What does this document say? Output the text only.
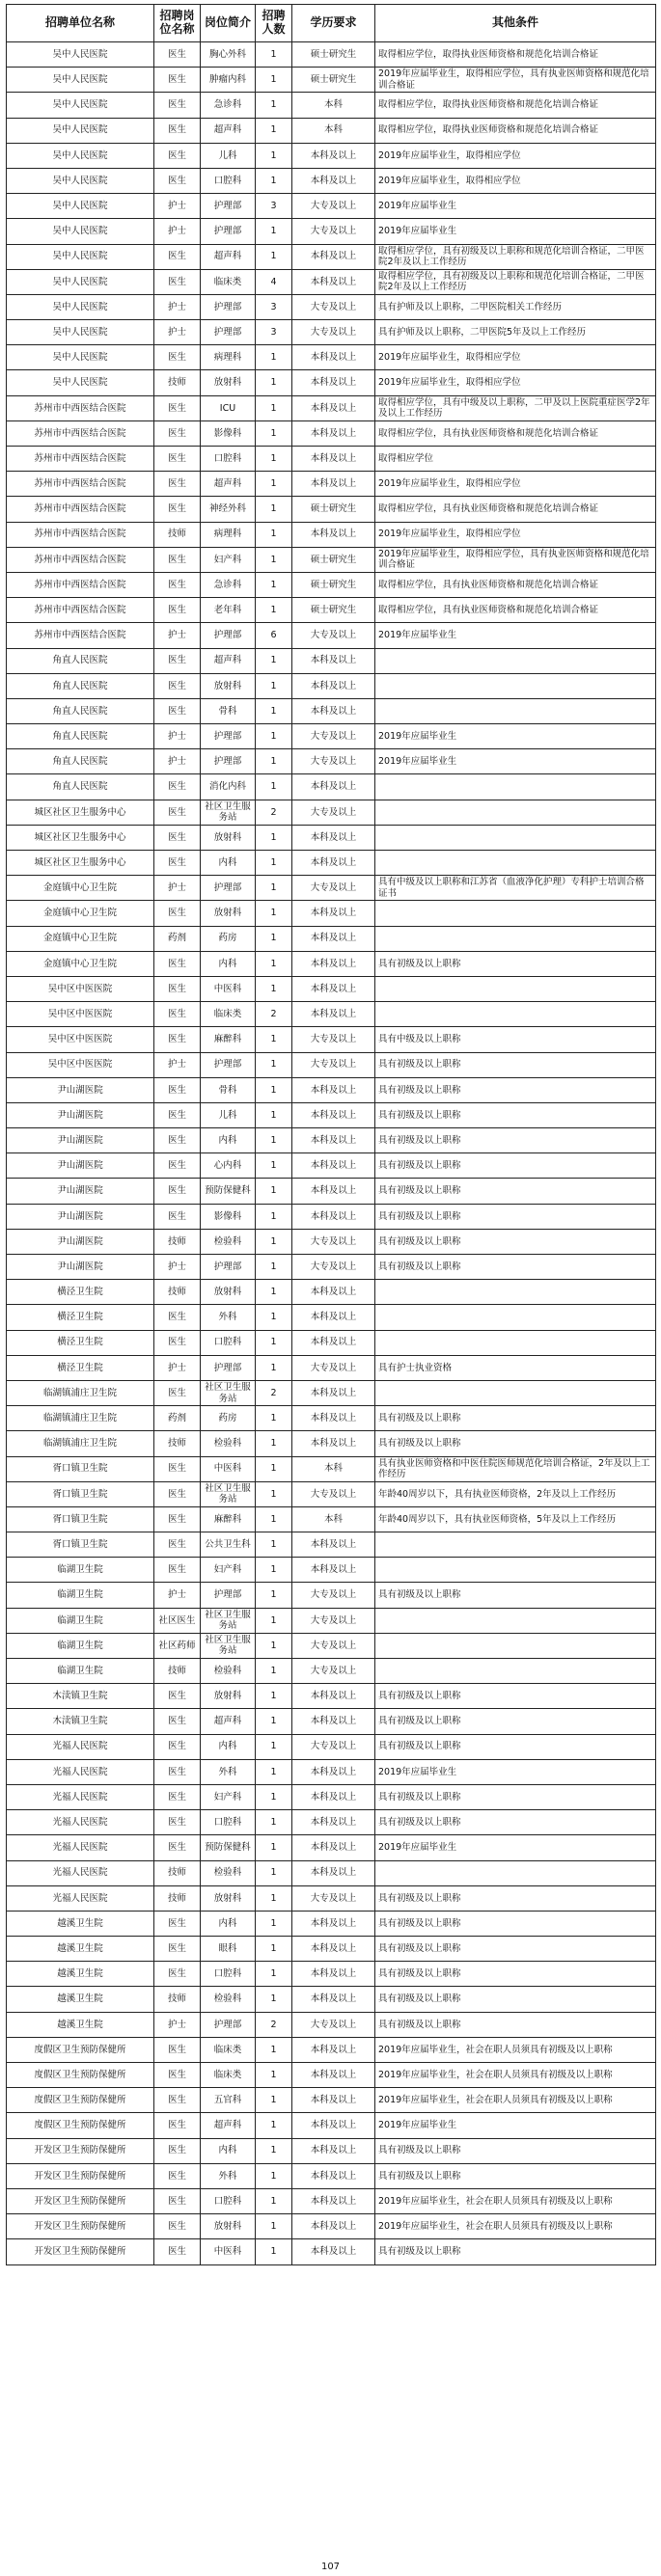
招聘单位名称	招聘岗位名称	岗位简介	招聘人数	学历要求	其他条件
吴中人民医院	医生	胸心外科	1	硕士研究生	取得相应学位，取得执业医师资格和规范化培训合格证
吴中人民医院	医生	肿瘤内科	1	硕士研究生	2019年应届毕业生，取得相应学位，具有执业医师资格和规范化培训合格证
吴中人民医院	医生	急诊科	1	本科	取得相应学位，取得执业医师资格和规范化培训合格证
吴中人民医院	医生	超声科	1	本科	取得相应学位，取得执业医师资格和规范化培训合格证
吴中人民医院	医生	儿科	1	本科及以上	2019年应届毕业生，取得相应学位
吴中人民医院	医生	口腔科	1	本科及以上	2019年应届毕业生，取得相应学位
吴中人民医院	护士	护理部	3	大专及以上	2019年应届毕业生
吴中人民医院	护士	护理部	1	大专及以上	2019年应届毕业生
吴中人民医院	医生	超声科	1	本科及以上	取得相应学位，具有初级及以上职称和规范化培训合格证，二甲医院2年及以上工作经历
吴中人民医院	医生	临床类	4	本科及以上	取得相应学位，具有初级及以上职称和规范化培训合格证，二甲医院2年及以上工作经历
吴中人民医院	护士	护理部	3	大专及以上	具有护师及以上职称，二甲医院相关工作经历
吴中人民医院	护士	护理部	3	大专及以上	具有护师及以上职称，二甲医院5年及以上工作经历
吴中人民医院	医生	病理科	1	本科及以上	2019年应届毕业生，取得相应学位
吴中人民医院	技师	放射科	1	本科及以上	2019年应届毕业生，取得相应学位
苏州市中西医结合医院	医生	ICU	1	本科及以上	取得相应学位，具有中级及以上职称，二甲及以上医院重症医学2年及以上工作经历
苏州市中西医结合医院	医生	影像科	1	本科及以上	取得相应学位，具有执业医师资格和规范化培训合格证
苏州市中西医结合医院	医生	口腔科	1	本科及以上	取得相应学位
苏州市中西医结合医院	医生	超声科	1	本科及以上	2019年应届毕业生，取得相应学位
苏州市中西医结合医院	医生	神经外科	1	硕士研究生	取得相应学位，具有执业医师资格和规范化培训合格证
苏州市中西医结合医院	技师	病理科	1	本科及以上	2019年应届毕业生，取得相应学位
苏州市中西医结合医院	医生	妇产科	1	硕士研究生	2019年应届毕业生，取得相应学位，具有执业医师资格和规范化培训合格证
苏州市中西医结合医院	医生	急诊科	1	硕士研究生	取得相应学位，具有执业医师资格和规范化培训合格证
苏州市中西医结合医院	医生	老年科	1	硕士研究生	取得相应学位，具有执业医师资格和规范化培训合格证
苏州市中西医结合医院	护士	护理部	6	大专及以上	2019年应届毕业生
角直人民医院	医生	超声科	1	本科及以上	
角直人民医院	医生	放射科	1	本科及以上	
角直人民医院	医生	骨科	1	本科及以上	
角直人民医院	护士	护理部	1	大专及以上	2019年应届毕业生
角直人民医院	护士	护理部	1	大专及以上	2019年应届毕业生
角直人民医院	医生	消化内科	1	本科及以上	
城区社区卫生服务中心	医生	社区卫生服务站	2	大专及以上	
城区社区卫生服务中心	医生	放射科	1	本科及以上	
城区社区卫生服务中心	医生	内科	1	本科及以上	
金庭镇中心卫生院	护士	护理部	1	大专及以上	具有中级及以上职称和江苏省（血液净化护理）专科护士培训合格证书
金庭镇中心卫生院	医生	放射科	1	本科及以上	
金庭镇中心卫生院	药剂	药房	1	本科及以上	
金庭镇中心卫生院	医生	内科	1	本科及以上	具有初级及以上职称
吴中区中医医院	医生	中医科	1	本科及以上	
吴中区中医医院	医生	临床类	2	本科及以上	
吴中区中医医院	医生	麻醉科	1	大专及以上	具有中级及以上职称
吴中区中医医院	护士	护理部	1	大专及以上	具有初级及以上职称
尹山湖医院	医生	骨科	1	本科及以上	具有初级及以上职称
尹山湖医院	医生	儿科	1	本科及以上	具有初级及以上职称
尹山湖医院	医生	内科	1	本科及以上	具有初级及以上职称
尹山湖医院	医生	心内科	1	本科及以上	具有初级及以上职称
尹山湖医院	医生	预防保健科	1	本科及以上	具有初级及以上职称
尹山湖医院	医生	影像科	1	本科及以上	具有初级及以上职称
尹山湖医院	技师	检验科	1	大专及以上	具有初级及以上职称
尹山湖医院	护士	护理部	1	大专及以上	具有初级及以上职称
横泾卫生院	技师	放射科	1	本科及以上	
横泾卫生院	医生	外科	1	本科及以上	
横泾卫生院	医生	口腔科	1	本科及以上	
横泾卫生院	护士	护理部	1	大专及以上	具有护士执业资格
临湖镇浦庄卫生院	医生	社区卫生服务站	2	本科及以上	
临湖镇浦庄卫生院	药剂	药房	1	本科及以上	具有初级及以上职称
临湖镇浦庄卫生院	技师	检验科	1	本科及以上	具有初级及以上职称
胥口镇卫生院	医生	中医科	1	本科	具有执业医师资格和中医住院医师规范化培训合格证，2年及以上工作经历
胥口镇卫生院	医生	社区卫生服务站	1	大专及以上	年龄40周岁以下，具有执业医师资格，2年及以上工作经历
胥口镇卫生院	医生	麻醉科	1	本科	年龄40周岁以下，具有执业医师资格，5年及以上工作经历
胥口镇卫生院	医生	公共卫生科	1	本科及以上	
临湖卫生院	医生	妇产科	1	本科及以上	
临湖卫生院	护士	护理部	1	大专及以上	具有初级及以上职称
临湖卫生院	社区医生	社区卫生服务站	1	大专及以上	
临湖卫生院	社区药师	社区卫生服务站	1	大专及以上	
临湖卫生院	技师	检验科	1	大专及以上	
木渎镇卫生院	医生	放射科	1	本科及以上	具有初级及以上职称
木渎镇卫生院	医生	超声科	1	本科及以上	具有初级及以上职称
光福人民医院	医生	内科	1	大专及以上	具有初级及以上职称
光福人民医院	医生	外科	1	本科及以上	2019年应届毕业生
光福人民医院	医生	妇产科	1	本科及以上	具有初级及以上职称
光福人民医院	医生	口腔科	1	本科及以上	具有初级及以上职称
光福人民医院	医生	预防保健科	1	本科及以上	2019年应届毕业生
光福人民医院	技师	检验科	1	本科及以上	
光福人民医院	技师	放射科	1	大专及以上	具有初级及以上职称
越溪卫生院	医生	内科	1	本科及以上	具有初级及以上职称
越溪卫生院	医生	眼科	1	本科及以上	具有初级及以上职称
越溪卫生院	医生	口腔科	1	本科及以上	具有初级及以上职称
越溪卫生院	技师	检验科	1	本科及以上	具有初级及以上职称
越溪卫生院	护士	护理部	2	大专及以上	具有初级及以上职称
度假区卫生预防保健所	医生	临床类	1	本科及以上	2019年应届毕业生，社会在职人员须具有初级及以上职称
度假区卫生预防保健所	医生	临床类	1	本科及以上	2019年应届毕业生，社会在职人员须具有初级及以上职称
度假区卫生预防保健所	医生	五官科	1	本科及以上	2019年应届毕业生，社会在职人员须具有初级及以上职称
度假区卫生预防保健所	医生	超声科	1	本科及以上	2019年应届毕业生
开发区卫生预防保健所	医生	内科	1	本科及以上	具有初级及以上职称
开发区卫生预防保健所	医生	外科	1	本科及以上	具有初级及以上职称
开发区卫生预防保健所	医生	口腔科	1	本科及以上	2019年应届毕业生，社会在职人员须具有初级及以上职称
开发区卫生预防保健所	医生	放射科	1	本科及以上	2019年应届毕业生，社会在职人员须具有初级及以上职称
开发区卫生预防保健所	医生	中医科	1	本科及以上	具有初级及以上职称
107
